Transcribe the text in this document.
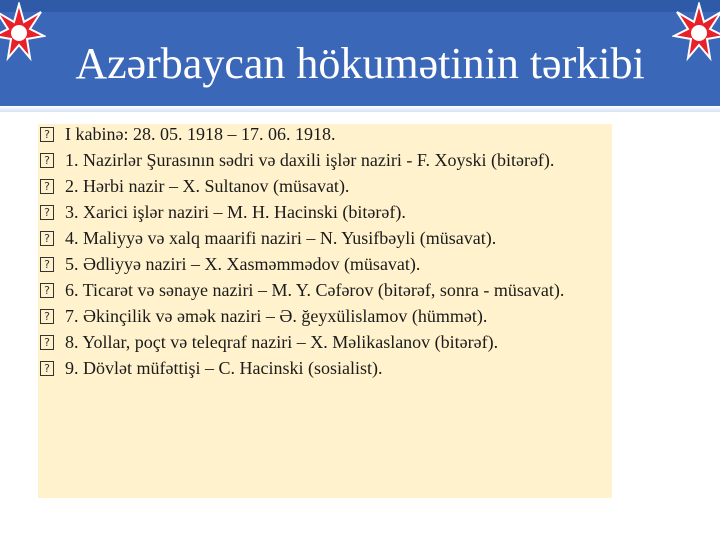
Azərbaycan hökumətinin tərkibi
? I kabinə: 28. 05. 1918 – 17. 06. 1918.
? 1. Nazirlər Şurasının sədri və daxili işlər naziri - F. Xoyski (bitərəf).
? 2. Hərbi nazir – X. Sultanov (müsavat).
? 3. Xarici işlər naziri – M. H. Hacinski (bitərəf).
? 4. Maliyyə və xalq maarifi naziri – N. Yusifbəyli (müsavat).
? 5. Ədliyyə naziri – X. Xasməmmədov (müsavat).
? 6. Ticarət və sənaye naziri – M. Y. Cəfərov (bitərəf, sonra - müsavat).
? 7. Əkinçilik və əmək naziri – Ə. ğeyxülislamov (hümmət).
? 8. Yollar, poçt və teleqraf naziri – X. Məlikaslanov (bitərəf).
? 9. Dövlət müfəttişi – C. Hacinski (sosialist).
